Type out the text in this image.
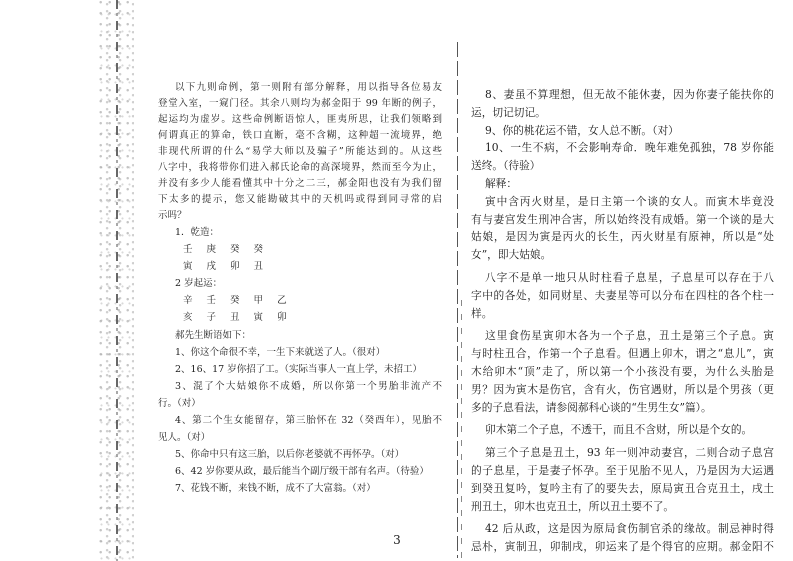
以下九则命例，第一则附有部分解释，用以指导各位易友
登堂入室，一窥门径。其余八则均为郝金阳于 99 年断的例子，
起运均为虚岁。这些命例断语惊人，匪夷所思，让我们领略到
何谓真正的算命，铁口直断，毫不含糊，这种超一流境界，绝
非现代所谓的什么“易学大师以及骗子”所能达到的。从这些
八字中，我将带你们进入郝氏论命的高深境界，然而至今为止，
并没有多少人能看懂其中十分之二三，郝金阳也没有为我们留
下太多的提示，您又能勘破其中的天机吗或得到同寻常的启
示吗？
1．乾造：
壬 庚 癸 癸
寅 戌 卯 丑
2 岁起运：
辛 壬 癸 甲 乙
亥 子 丑 寅 卯
郝先生断语如下：
1、你这个命很不幸，一生下来就送了人。（很对）
2、16、17 岁你招了工。（实际当事人一直上学，未招工）
3、混了个大姑娘你不成婚，所以你第一个男胎非流产不
行。（对）
4、第二个生女能留存，第三胎怀在 32（癸酉年），见胎不
见人。（对）
5、你命中只有这三胎，以后你老婆就不再怀孕。（对）
6、42 岁你要从政，最后能当个副厅级干部有名声。（待验）
7、花钱不断，来钱不断，成不了大富翁。（对）
8、妻虽不算理想，但无故不能休妻，因为你妻子能扶你的
运，切记切记。
9、你的桃花运不错，女人总不断。（对）
10、一生不病，不会影响寿命．晚年难免孤独，78 岁你能
送终。（待验）
解释：
寅中含丙火财星，是日主第一个谈的女人。而寅木毕竟没
有与妻宫发生刑冲合害，所以始终没有成婚。第一个谈的是大
姑娘，是因为寅是丙火的长生，丙火财星有原神，所以是“处
女”，即大姑娘。
八字不是单一地只从时柱看子息星，子息星可以存在于八
字中的各处，如同财星、夫妻星等可以分布在四柱的各个柱一
样。
这里食伤星寅卯木各为一个子息，丑土是第三个子息。寅
与时柱丑合，作第一个子息看。但遇上卯木，谓之“息儿”，寅
木给卯木“顶”走了，所以第一个小孩没有要，为什么头胎是
男？因为寅木是伤官，含有火，伤官遇财，所以是个男孩（更
多的子息看法，请参阅郝科心谈的“生男生女”篇）。
卯木第二个子息，不透干，而且不含财，所以是个女的。
第三个子息是丑土，93 年一则冲动妻宫，二则合动子息宫
的子息星，于是妻子怀孕。至于见胎不见人，乃是因为大运遇
到癸丑复吟，复吟主有了的要失去，原局寅丑合克丑土，戌土
刑丑土，卯木也克丑土，所以丑土要不了。
42 后从政，这是因为原局食伤制官杀的缘故。制忌神时得
忌朴，寅制丑，卯制戌，卯运来了是个得官的应期。郝金阳不
3
